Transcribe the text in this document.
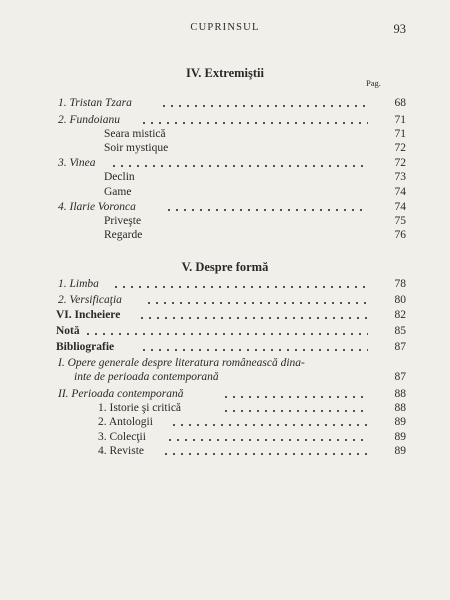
CUPRINSUL	93
IV. Extremiştii
Pag.
1. Tristan Tzara	68
2. Fundoianu	71
Seara mistică	71
Soir mystique	72
3. Vinea	72
Declin	73
Game	74
4. Ilarie Voronca	74
Priveşte	75
Regarde	76
V. Despre formă
1. Limba	78
2. Versificaţia	80
VI. Incheiere	82
Notă	85
Bibliografie	87
I. Opere generale despre literatura românească dina-
inte de perioada contemporană	87
II. Perioada contemporană	88
1. Istorie şi critică	88
2. Antologii	89
3. Colecţii	89
4. Reviste	89
